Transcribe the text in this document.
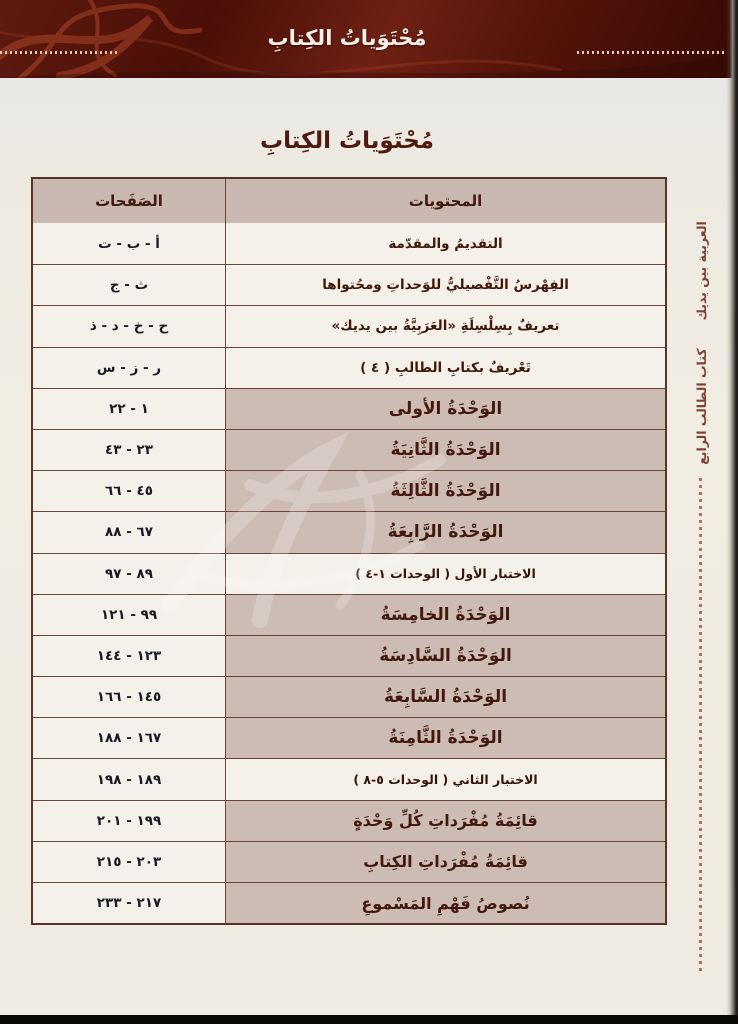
مُحْتَوَياتُ الكِتابِ
مُحْتَوَياتُ الكِتابِ
الصَفَحات	المحتويات
أ - ب - ت	التقديمُ والمقدّمة
ث - ج	الفِهْرسُ التَّفْصيليُّ للوَحداتِ ومحُتواها
ح - خ - د - ذ	تعريفٌ بِسِلْسِلَةِ «العَرَبِيَّةُ بين يديك»
ر - ز - س	تَعْريفٌ بكتابِ الطالبِ ( ٤ )
١ - ٢٢	الوَحْدَةُ الأولى
٢٣ - ٤٣	الوَحْدَةُ الثَّانِيَةُ
٤٥ - ٦٦	الوَحْدَةُ الثَّالِثَةُ
٦٧ - ٨٨	الوَحْدَةُ الرَّابِعَةُ
٨٩ - ٩٧	الاختبار الأول ( الوحدات ١-٤ )
٩٩ - ١٢١	الوَحْدَةُ الخامِسَةُ
١٢٣ - ١٤٤	الوَحْدَةُ السَّادِسَةُ
١٤٥ - ١٦٦	الوَحْدَةُ السَّابِعَةُ
١٦٧ - ١٨٨	الوَحْدَةُ الثَّامِنَةُ
١٨٩ - ١٩٨	الاختبار الثاني ( الوحدات ٥-٨ )
١٩٩ - ٢٠١	قائِمَةُ مُفْرَداتِ كُلِّ وَحْدَةٍ
٢٠٣ - ٢١٥	قائِمَةُ مُفْرَداتِ الكِتابِ
٢١٧ - ٢٣٣	نُصوصُ فَهْمِ المَسْموعِ
العربية بين يديك
كتاب الطالب الرابع
